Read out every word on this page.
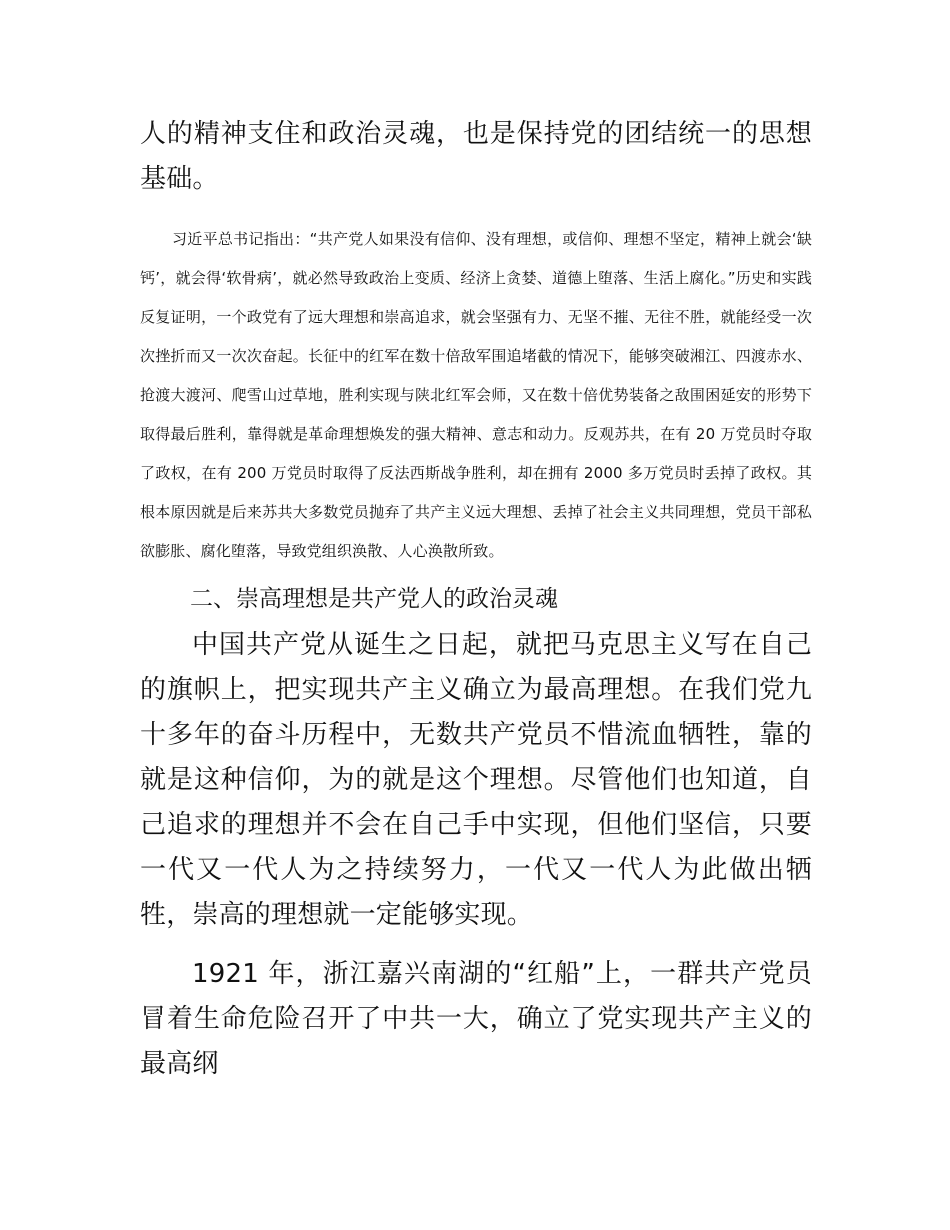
人的精神支住和政治灵魂，也是保持党的团结统一的思想基础。

习近平总书记指出：“共产党人如果没有信仰、没有理想，或信仰、理想不坚定，精神上就会‘缺钙’，就会得‘软骨病’，就必然导致政治上变质、经济上贪婪、道德上堕落、生活上腐化。”历史和实践反复证明，一个政党有了远大理想和崇高追求，就会坚强有力、无坚不摧、无往不胜，就能经受一次次挫折而又一次次奋起。长征中的红军在数十倍敌军围追堵截的情况下，能够突破湘江、四渡赤水、抢渡大渡河、爬雪山过草地，胜利实现与陕北红军会师，又在数十倍优势装备之敌围困延安的形势下取得最后胜利，靠得就是革命理想焕发的强大精神、意志和动力。反观苏共，在有 20 万党员时夺取了政权，在有 200 万党员时取得了反法西斯战争胜利，却在拥有 2000 多万党员时丢掉了政权。其根本原因就是后来苏共大多数党员抛弃了共产主义远大理想、丢掉了社会主义共同理想，党员干部私欲膨胀、腐化堕落，导致党组织涣散、人心涣散所致。

二、崇高理想是共产党人的政治灵魂

中国共产党从诞生之日起，就把马克思主义写在自己的旗帜上，把实现共产主义确立为最高理想。在我们党九十多年的奋斗历程中，无数共产党员不惜流血牺牲，靠的就是这种信仰，为的就是这个理想。尽管他们也知道，自己追求的理想并不会在自己手中实现，但他们坚信，只要一代又一代人为之持续努力，一代又一代人为此做出牺牲，崇高的理想就一定能够实现。

1921 年，浙江嘉兴南湖的“红船”上，一群共产党员冒着生命危险召开了中共一大，确立了党实现共产主义的最高纲
